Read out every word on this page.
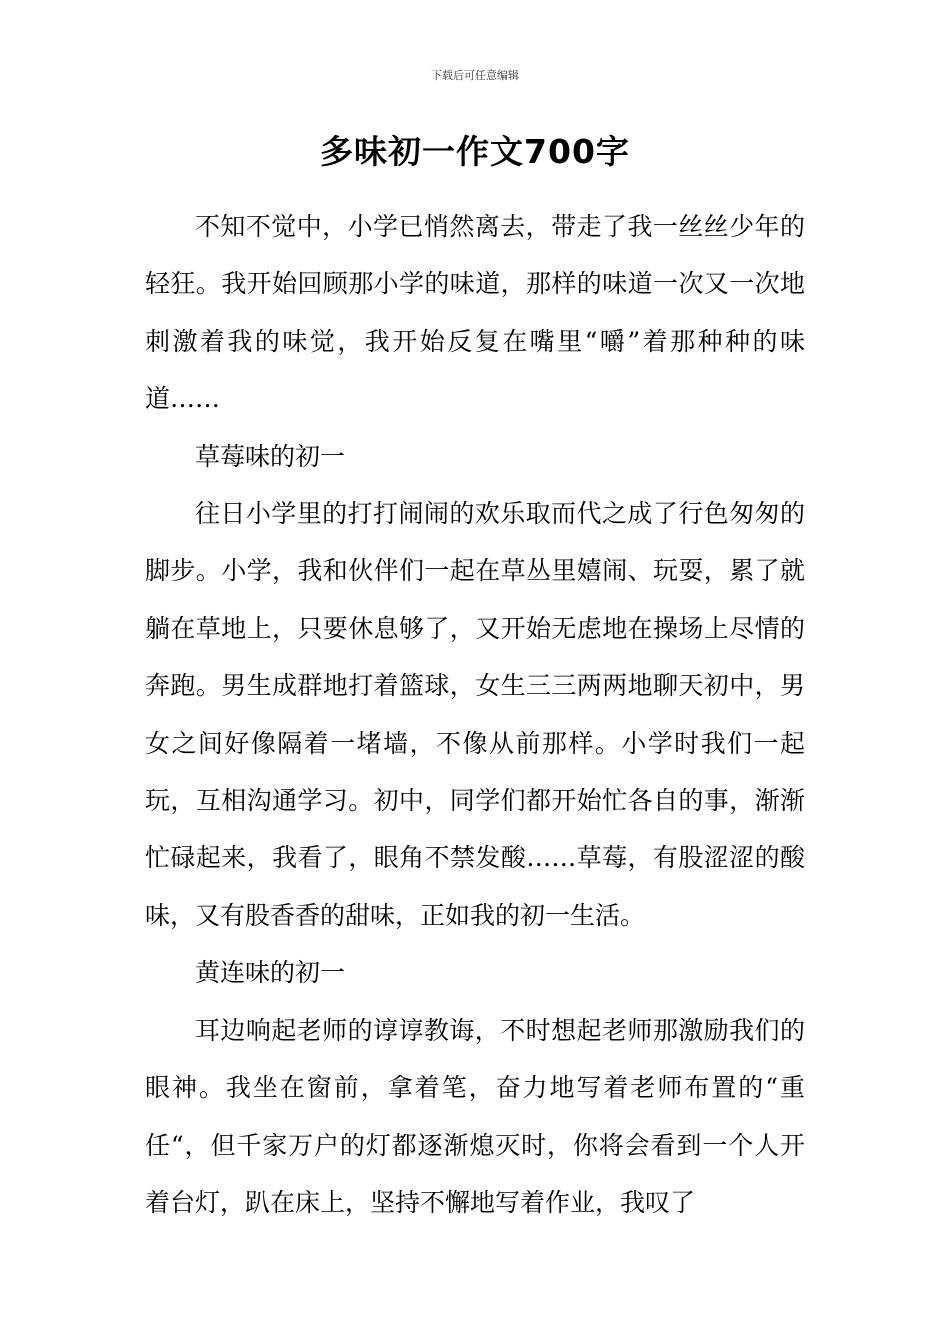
下载后可任意编辑
多味初一作文700字

不知不觉中，小学已悄然离去，带走了我一丝丝少年的轻狂。我开始回顾那小学的味道，那样的味道一次又一次地刺激着我的味觉，我开始反复在嘴里“嚼”着那种种的味道……

草莓味的初一

往日小学里的打打闹闹的欢乐取而代之成了行色匆匆的脚步。小学，我和伙伴们一起在草丛里嬉闹、玩耍，累了就躺在草地上，只要休息够了，又开始无虑地在操场上尽情的奔跑。男生成群地打着篮球，女生三三两两地聊天初中，男女之间好像隔着一堵墙，不像从前那样。小学时我们一起玩，互相沟通学习。初中，同学们都开始忙各自的事，渐渐忙碌起来，我看了，眼角不禁发酸……草莓，有股涩涩的酸味，又有股香香的甜味，正如我的初一生活。

黄连味的初一

耳边响起老师的谆谆教诲，不时想起老师那激励我们的眼神。我坐在窗前，拿着笔，奋力地写着老师布置的“重任“，但千家万户的灯都逐渐熄灭时，你将会看到一个人开着台灯，趴在床上，坚持不懈地写着作业，我叹了
